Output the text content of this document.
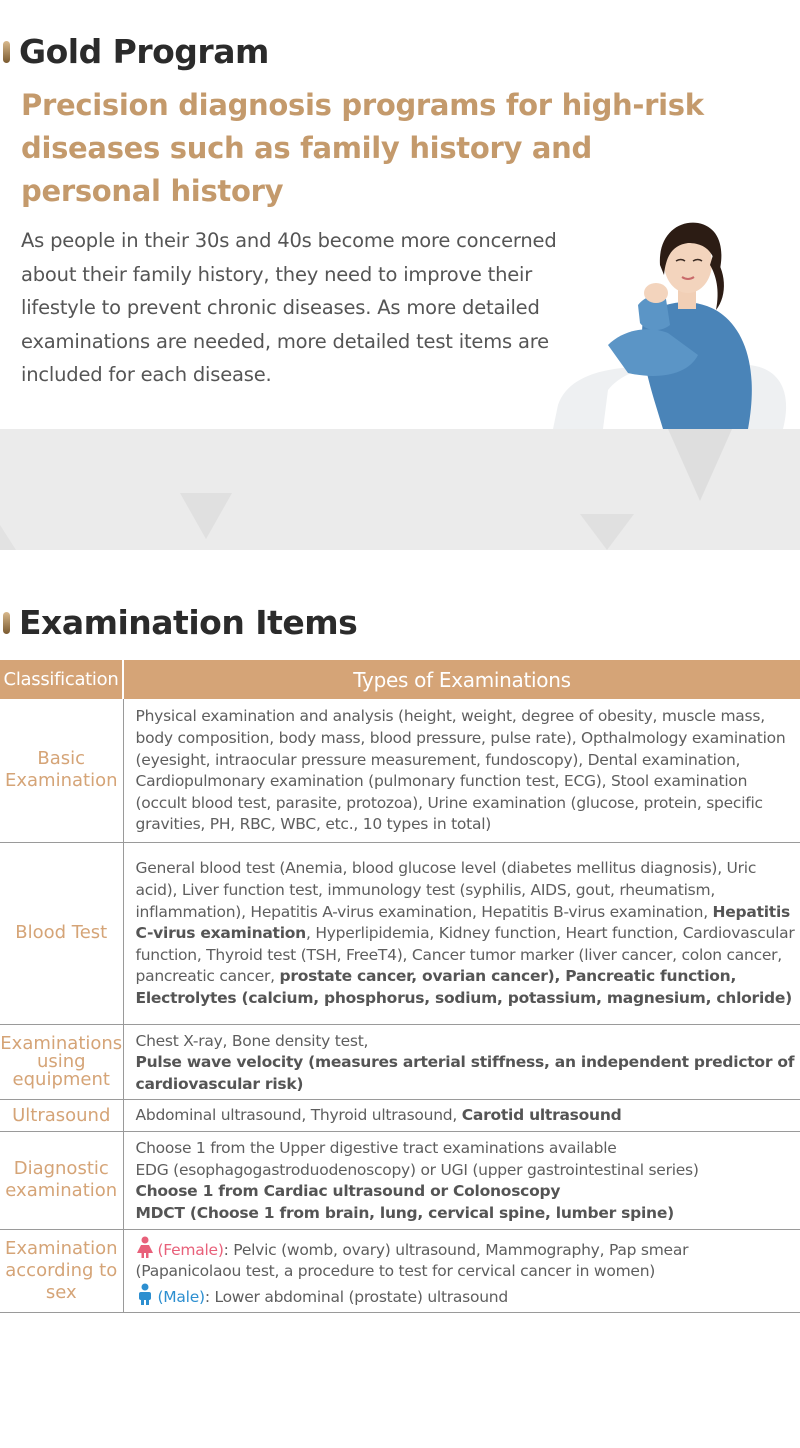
Gold Program
Precision diagnosis programs for high-risk diseases such as family history and personal history
As people in their 30s and 40s become more concerned about their family history, they need to improve their lifestyle to prevent chronic diseases. As more detailed examinations are needed, more detailed test items are included for each disease.
Examination Items
Classification	Types of Examinations
Basic Examination	Physical examination and analysis (height, weight, degree of obesity, muscle mass, body composition, body mass, blood pressure, pulse rate), Opthalmology examination (eyesight, intraocular pressure measurement, fundoscopy), Dental examination, Cardiopulmonary examination (pulmonary function test, ECG), Stool examination (occult blood test, parasite, protozoa), Urine examination (glucose, protein, specific gravities, PH, RBC, WBC, etc., 10 types in total)
Blood Test	General blood test (Anemia, blood glucose level (diabetes mellitus diagnosis), Uric acid), Liver function test, immunology test (syphilis, AIDS, gout, rheumatism, inflammation), Hepatitis A-virus examination, Hepatitis B-virus examination, Hepatitis C-virus examination, Hyperlipidemia, Kidney function, Heart function, Cardiovascular function, Thyroid test (TSH, FreeT4), Cancer tumor marker (liver cancer, colon cancer, pancreatic cancer, prostate cancer, ovarian cancer), Pancreatic function, Electrolytes (calcium, phosphorus, sodium, potassium, magnesium, chloride)
Examinations using equipment	Chest X-ray, Bone density test,
Pulse wave velocity (measures arterial stiffness, an independent predictor of cardiovascular risk)

Ultrasound	Abdominal ultrasound, Thyroid ultrasound, Carotid ultrasound
Diagnostic examination	Choose 1 from the Upper digestive tract examinations available
EDG (esophagogastroduodenoscopy) or UGI (upper gastrointestinal series)
Choose 1 from Cardiac ultrasound or Colonoscopy
MDCT (Choose 1 from brain, lung, cervical spine, lumber spine)

Examination according to sex	(Female): Pelvic (womb, ovary) ultrasound, Mammography, Pap smear (Papanicolaou test, a procedure to test for cervical cancer in women)
(Male): Lower abdominal (prostate) ultrasound
